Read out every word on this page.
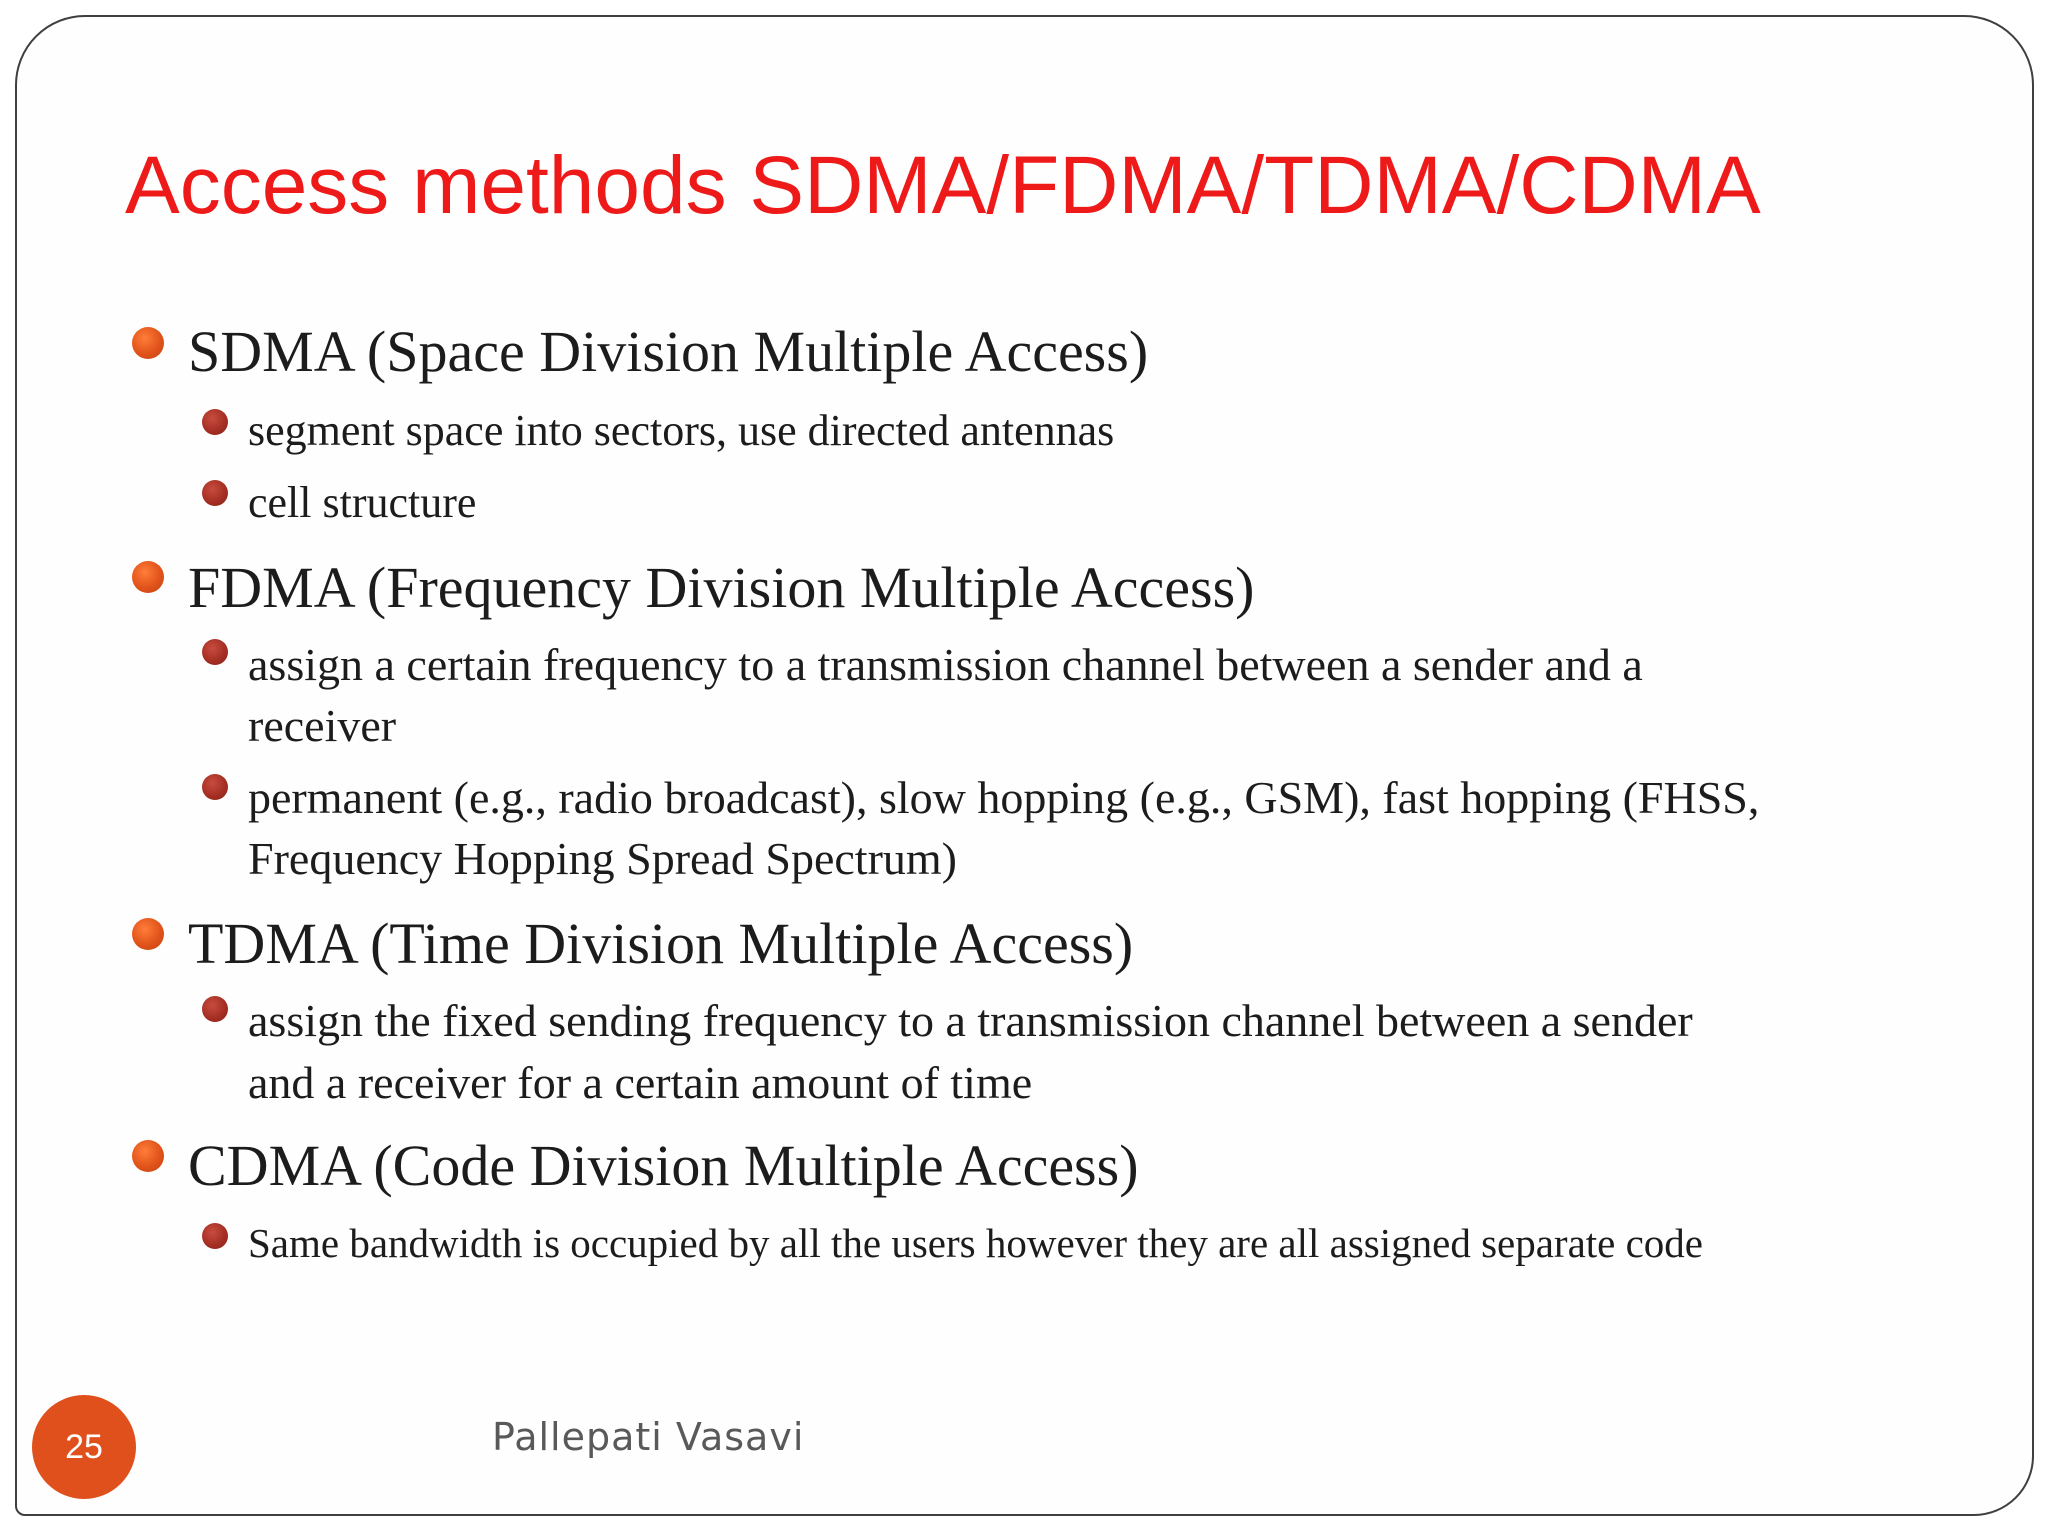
Access methods SDMA/FDMA/TDMA/CDMA
SDMA (Space Division Multiple Access)
segment space into sectors, use directed antennas
cell structure
FDMA (Frequency Division Multiple Access)
assign a certain frequency to a transmission channel between a sender and a
receiver
permanent (e.g., radio broadcast), slow hopping (e.g., GSM), fast hopping (FHSS,
Frequency Hopping Spread Spectrum)
TDMA (Time Division Multiple Access)
assign the fixed sending frequency to a transmission channel between a sender
and a receiver for a certain amount of time
CDMA (Code Division Multiple Access)
Same bandwidth is occupied by all the users however they are all assigned separate code
25	Pallepati Vasavi
